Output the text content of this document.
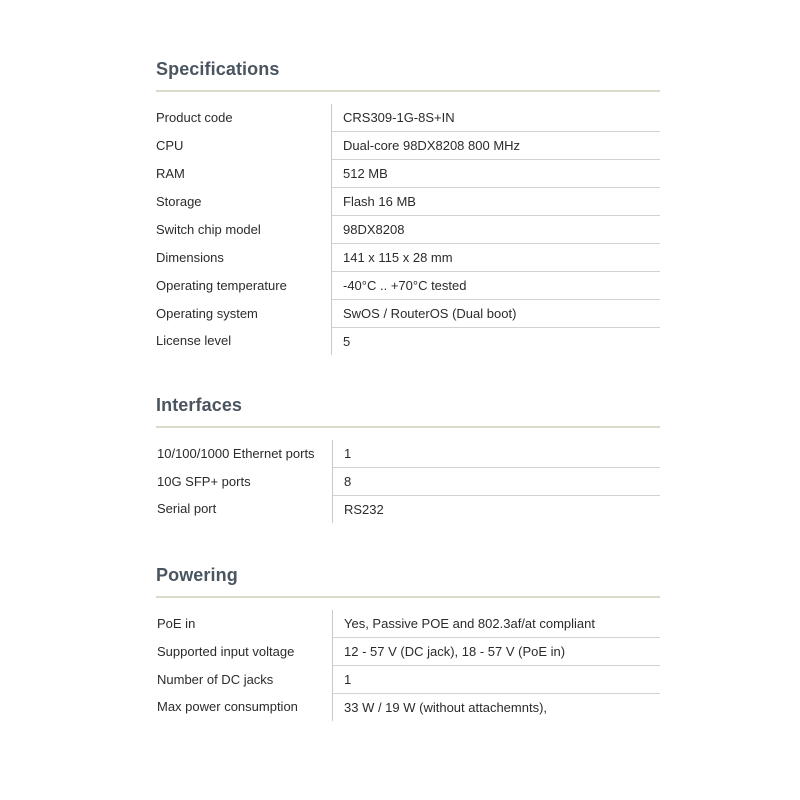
Specifications
Product code	CRS309-1G-8S+IN
CPU	Dual-core 98DX8208 800 MHz
RAM	512 MB
Storage	Flash 16 MB
Switch chip model	98DX8208
Dimensions	141 x 115 x 28 mm
Operating temperature	-40°C .. +70°C tested
Operating system	SwOS / RouterOS (Dual boot)
License level	5
Interfaces
10/100/1000 Ethernet ports	1
10G SFP+ ports	8
Serial port	RS232
Powering
PoE in	Yes, Passive POE and 802.3af/at compliant
Supported input voltage	12 - 57 V (DC jack), 18 - 57 V (PoE in)
Number of DC jacks	1
Max power consumption	33 W / 19 W (without attachemnts),
